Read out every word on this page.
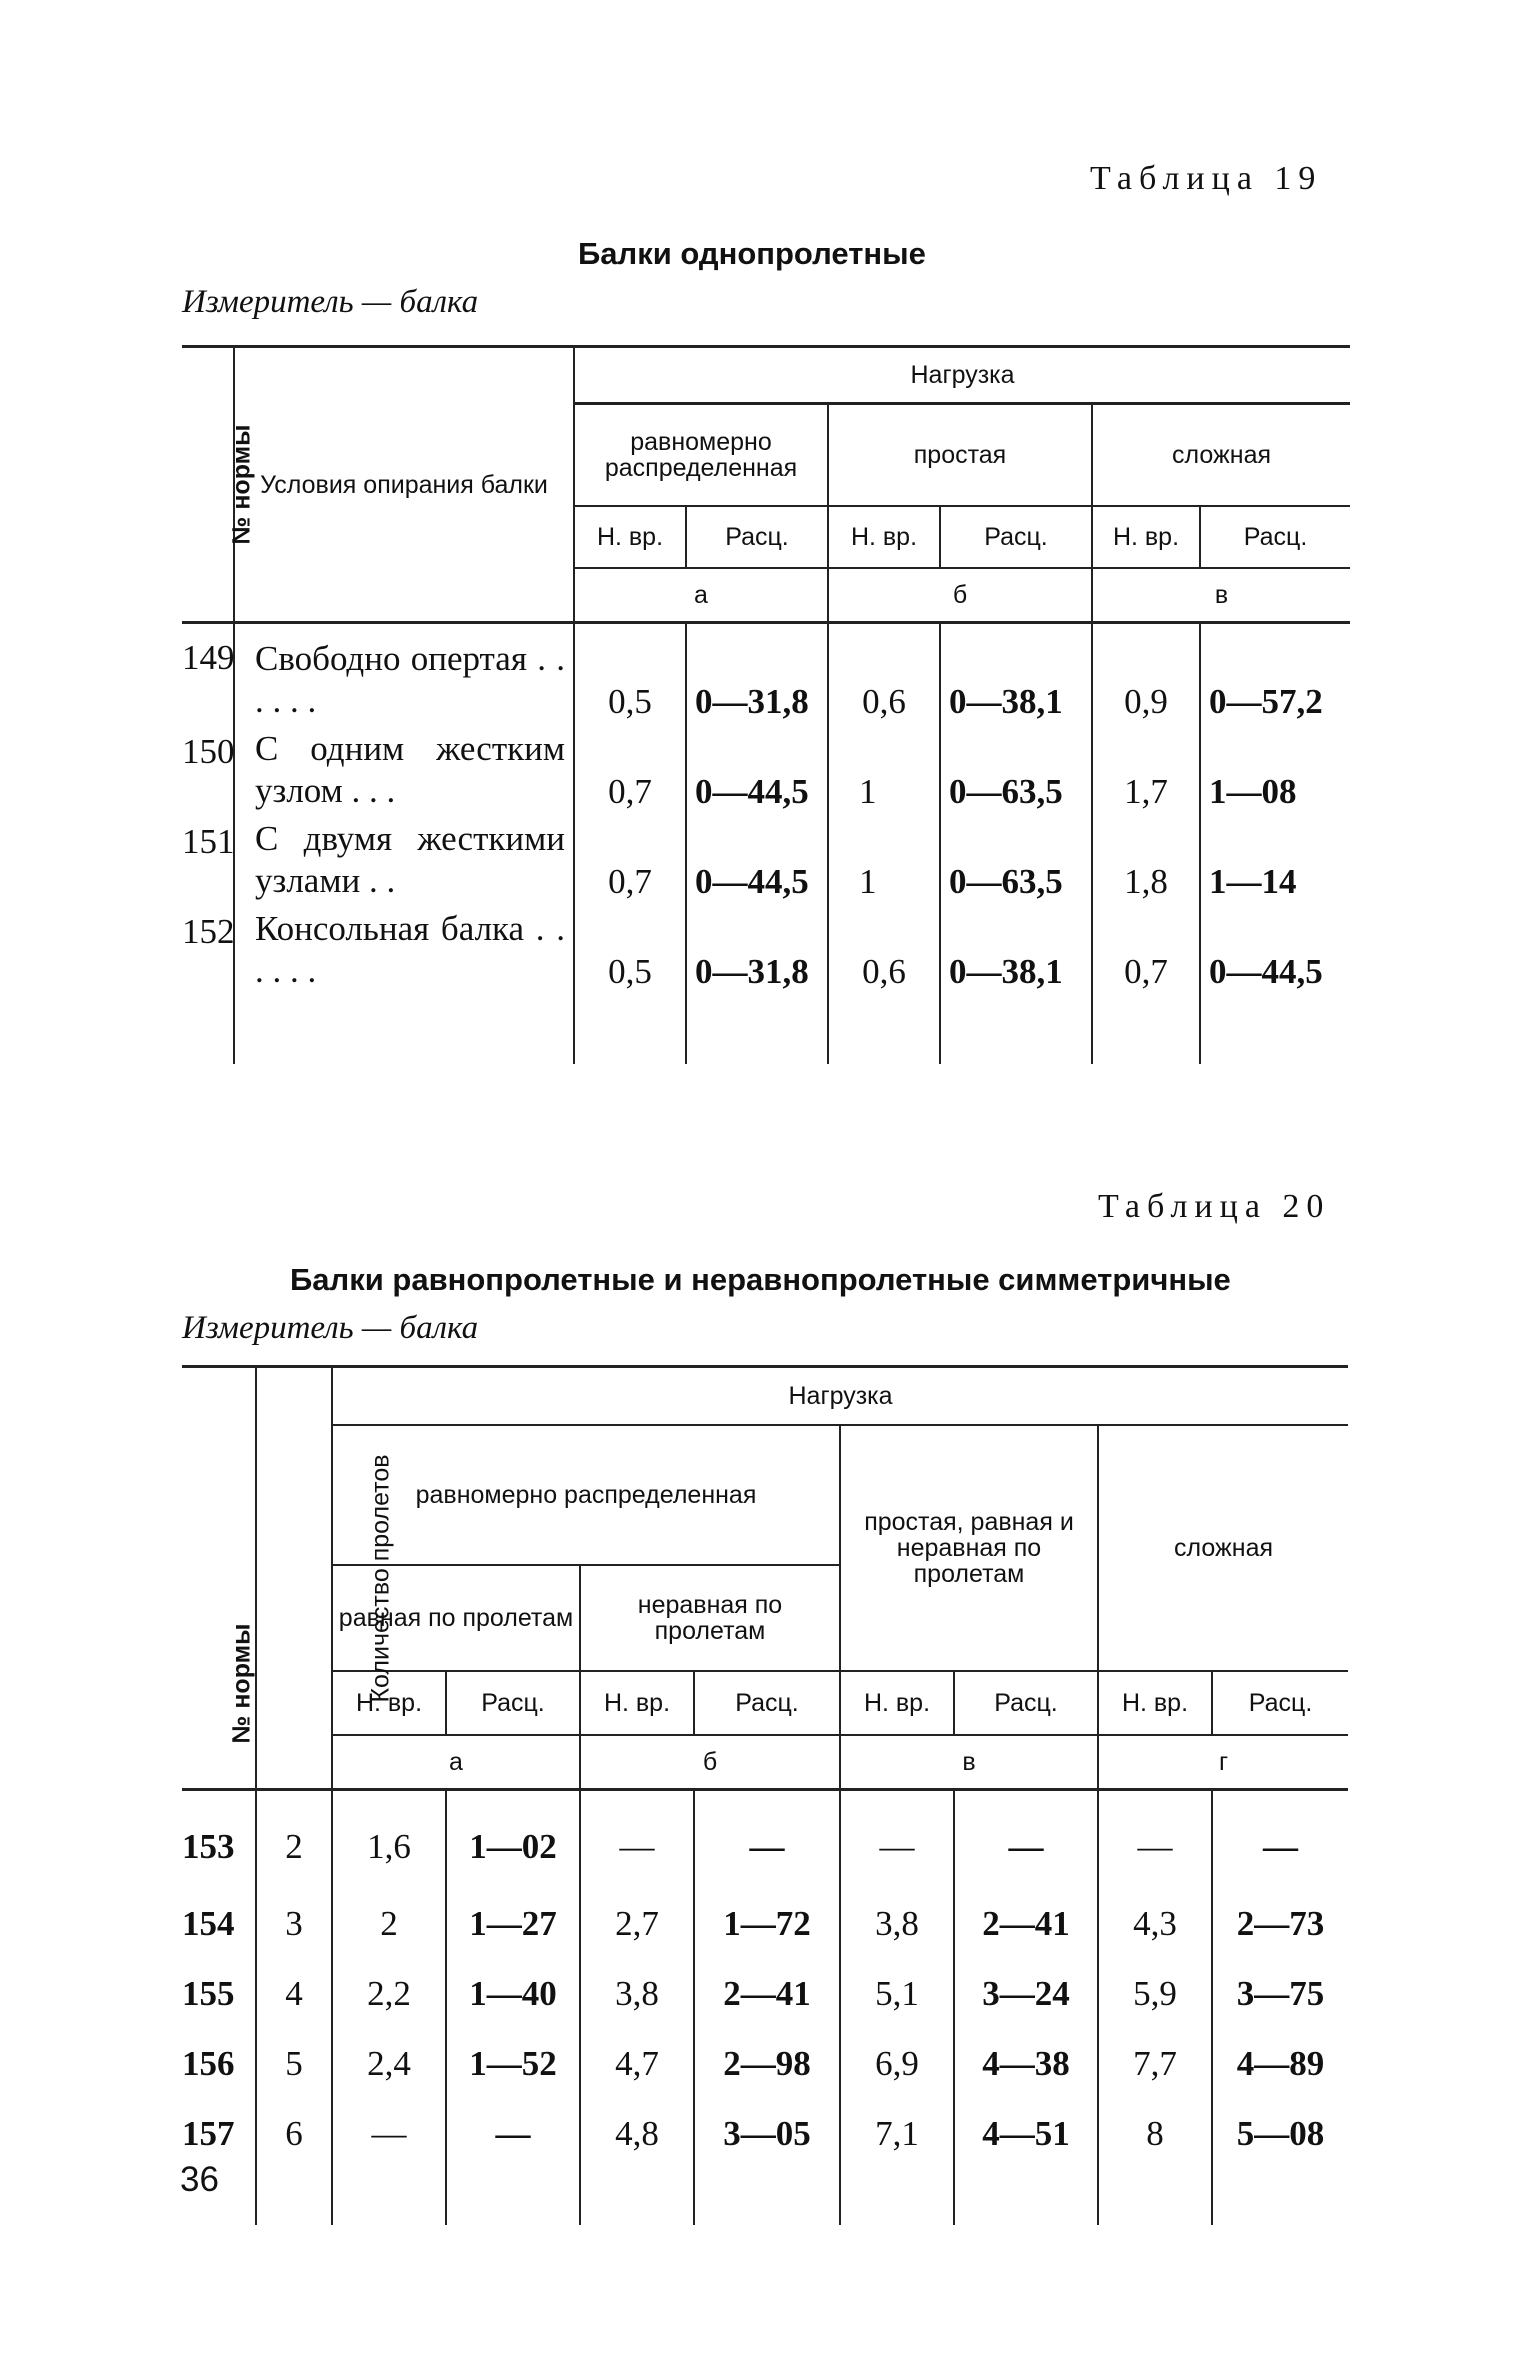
Таблица 19
Балки однопролетные
Измеритель — балка
№ нормы	Условия опирания балки	Нагрузка					
		равномерно распределенная		простая		сложная	
		Н. вр.	Расц.	Н. вр.	Расц.	Н. вр.	Расц.
		а		б		в	
149	Свободно опертая . . . . . .	0,5	0—31,8	0,6	0—38,1	0,9	0—57,2
150	С одним жестким узлом . . .	0,7	0—44,5	1	0—63,5	1,7	1—08
151	С двумя жесткими узлами . .	0,7	0—44,5	1	0—63,5	1,8	1—14
152	Консольная балка . . . . . .	0,5	0—31,8	0,6	0—38,1	0,7	0—44,5

Таблица 20
Балки равнопролетные и неравнопролетные симметричные
Измеритель — балка
№ нормы	Количество пролетов	Нагрузка							
		равномерно распределенная				простая, равная и неравная по пролетам		сложная	
		равная по пролетам		неравная по пролетам					
		Н. вр.	Расц.	Н. вр.	Расц.	Н. вр.	Расц.	Н. вр.	Расц.
		а		б		в		г	
153	2	1,6	1—02	—	—	—	—	—	—
154	3	2	1—27	2,7	1—72	3,8	2—41	4,3	2—73
155	4	2,2	1—40	3,8	2—41	5,1	3—24	5,9	3—75
156	5	2,4	1—52	4,7	2—98	6,9	4—38	7,7	4—89
157	6	—	—	4,8	3—05	7,1	4—51	8	5—08

36
